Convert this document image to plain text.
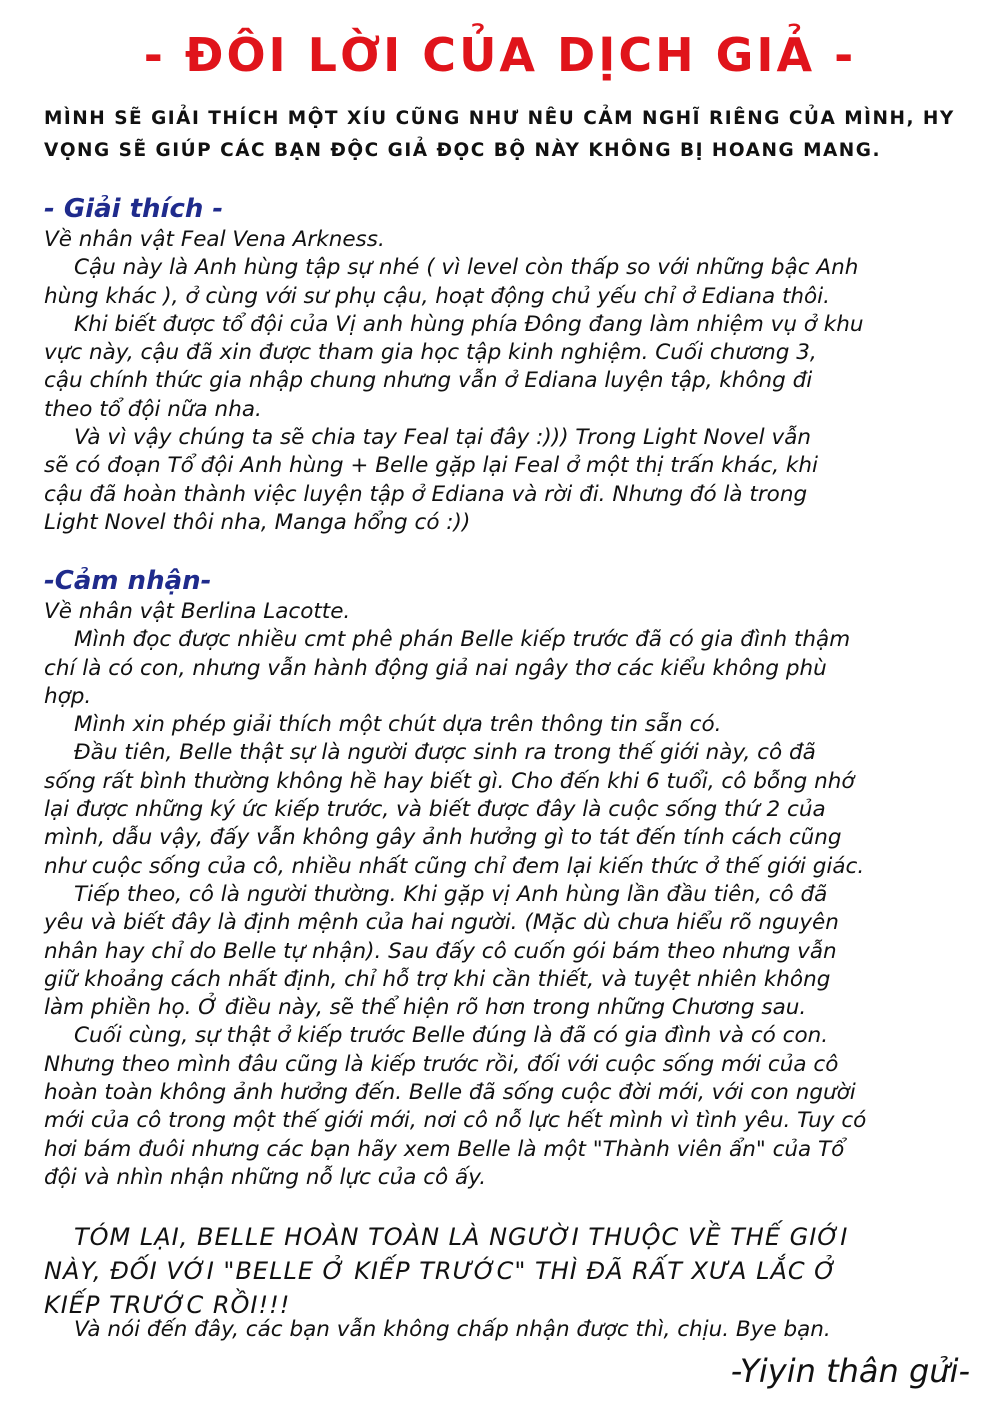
- ĐÔI LỜI CỦA DỊCH GIẢ -

MÌNH SẼ GIẢI THÍCH MỘT XÍU CŨNG NHƯ NÊU CẢM NGHĨ RIÊNG CỦA MÌNH, HY VỌNG SẼ GIÚP CÁC BẠN ĐỘC GIẢ ĐỌC BỘ NÀY KHÔNG BỊ HOANG MANG.

- Giải thích -

Về nhân vật Feal Vena Arkness.

Cậu này là Anh hùng tập sự nhé ( vì level còn thấp so với những bậc Anh

hùng khác ), ở cùng với sư phụ cậu, hoạt động chủ yếu chỉ ở Ediana thôi.

Khi biết được tổ đội của Vị anh hùng phía Đông đang làm nhiệm vụ ở khu

vực này, cậu đã xin được tham gia học tập kinh nghiệm. Cuối chương 3,

cậu chính thức gia nhập chung nhưng vẫn ở Ediana luyện tập, không đi

theo tổ đội nữa nha.

Và vì vậy chúng ta sẽ chia tay Feal tại đây :))) Trong Light Novel vẫn

sẽ có đoạn Tổ đội Anh hùng + Belle gặp lại Feal ở một thị trấn khác, khi

cậu đã hoàn thành việc luyện tập ở Ediana và rời đi. Nhưng đó là trong

Light Novel thôi nha, Manga hổng có :))

-Cảm nhận-

Về nhân vật Berlina Lacotte.

Mình đọc được nhiều cmt phê phán Belle kiếp trước đã có gia đình thậm

chí là có con, nhưng vẫn hành động giả nai ngây thơ các kiểu không phù

hợp.

Mình xin phép giải thích một chút dựa trên thông tin sẵn có.

Đầu tiên, Belle thật sự là người được sinh ra trong thế giới này, cô đã

sống rất bình thường không hề hay biết gì. Cho đến khi 6 tuổi, cô bỗng nhớ

lại được những ký ức kiếp trước, và biết được đây là cuộc sống thứ 2 của

mình, dẫu vậy, đấy vẫn không gây ảnh hưởng gì to tát đến tính cách cũng

như cuộc sống của cô, nhiều nhất cũng chỉ đem lại kiến thức ở thế giới giác.

Tiếp theo, cô là người thường. Khi gặp vị Anh hùng lần đầu tiên, cô đã

yêu và biết đây là định mệnh của hai người. (Mặc dù chưa hiểu rõ nguyên

nhân hay chỉ do Belle tự nhận). Sau đấy cô cuốn gói bám theo nhưng vẫn

giữ khoảng cách nhất định, chỉ hỗ trợ khi cần thiết, và tuyệt nhiên không

làm phiền họ. Ở điều này, sẽ thể hiện rõ hơn trong những Chương sau.

Cuối cùng, sự thật ở kiếp trước Belle đúng là đã có gia đình và có con.

Nhưng theo mình đâu cũng là kiếp trước rồi, đối với cuộc sống mới của cô

hoàn toàn không ảnh hưởng đến. Belle đã sống cuộc đời mới, với con người

mới của cô trong một thế giới mới, nơi cô nỗ lực hết mình vì tình yêu. Tuy có

hơi bám đuôi nhưng các bạn hãy xem Belle là một "Thành viên ẩn" của Tổ

đội và nhìn nhận những nỗ lực của cô ấy.

TÓM LẠI, BELLE HOÀN TOÀN LÀ NGƯỜI THUỘC VỀ THẾ GIỚI

NÀY, ĐỐI VỚI "BELLE Ở KIẾP TRƯỚC" THÌ ĐÃ RẤT XƯA LẮC Ở

KIẾP TRƯỚC RỒI!!!

Và nói đến đây, các bạn vẫn không chấp nhận được thì, chịu. Bye bạn.

-Yiyin thân gửi-
